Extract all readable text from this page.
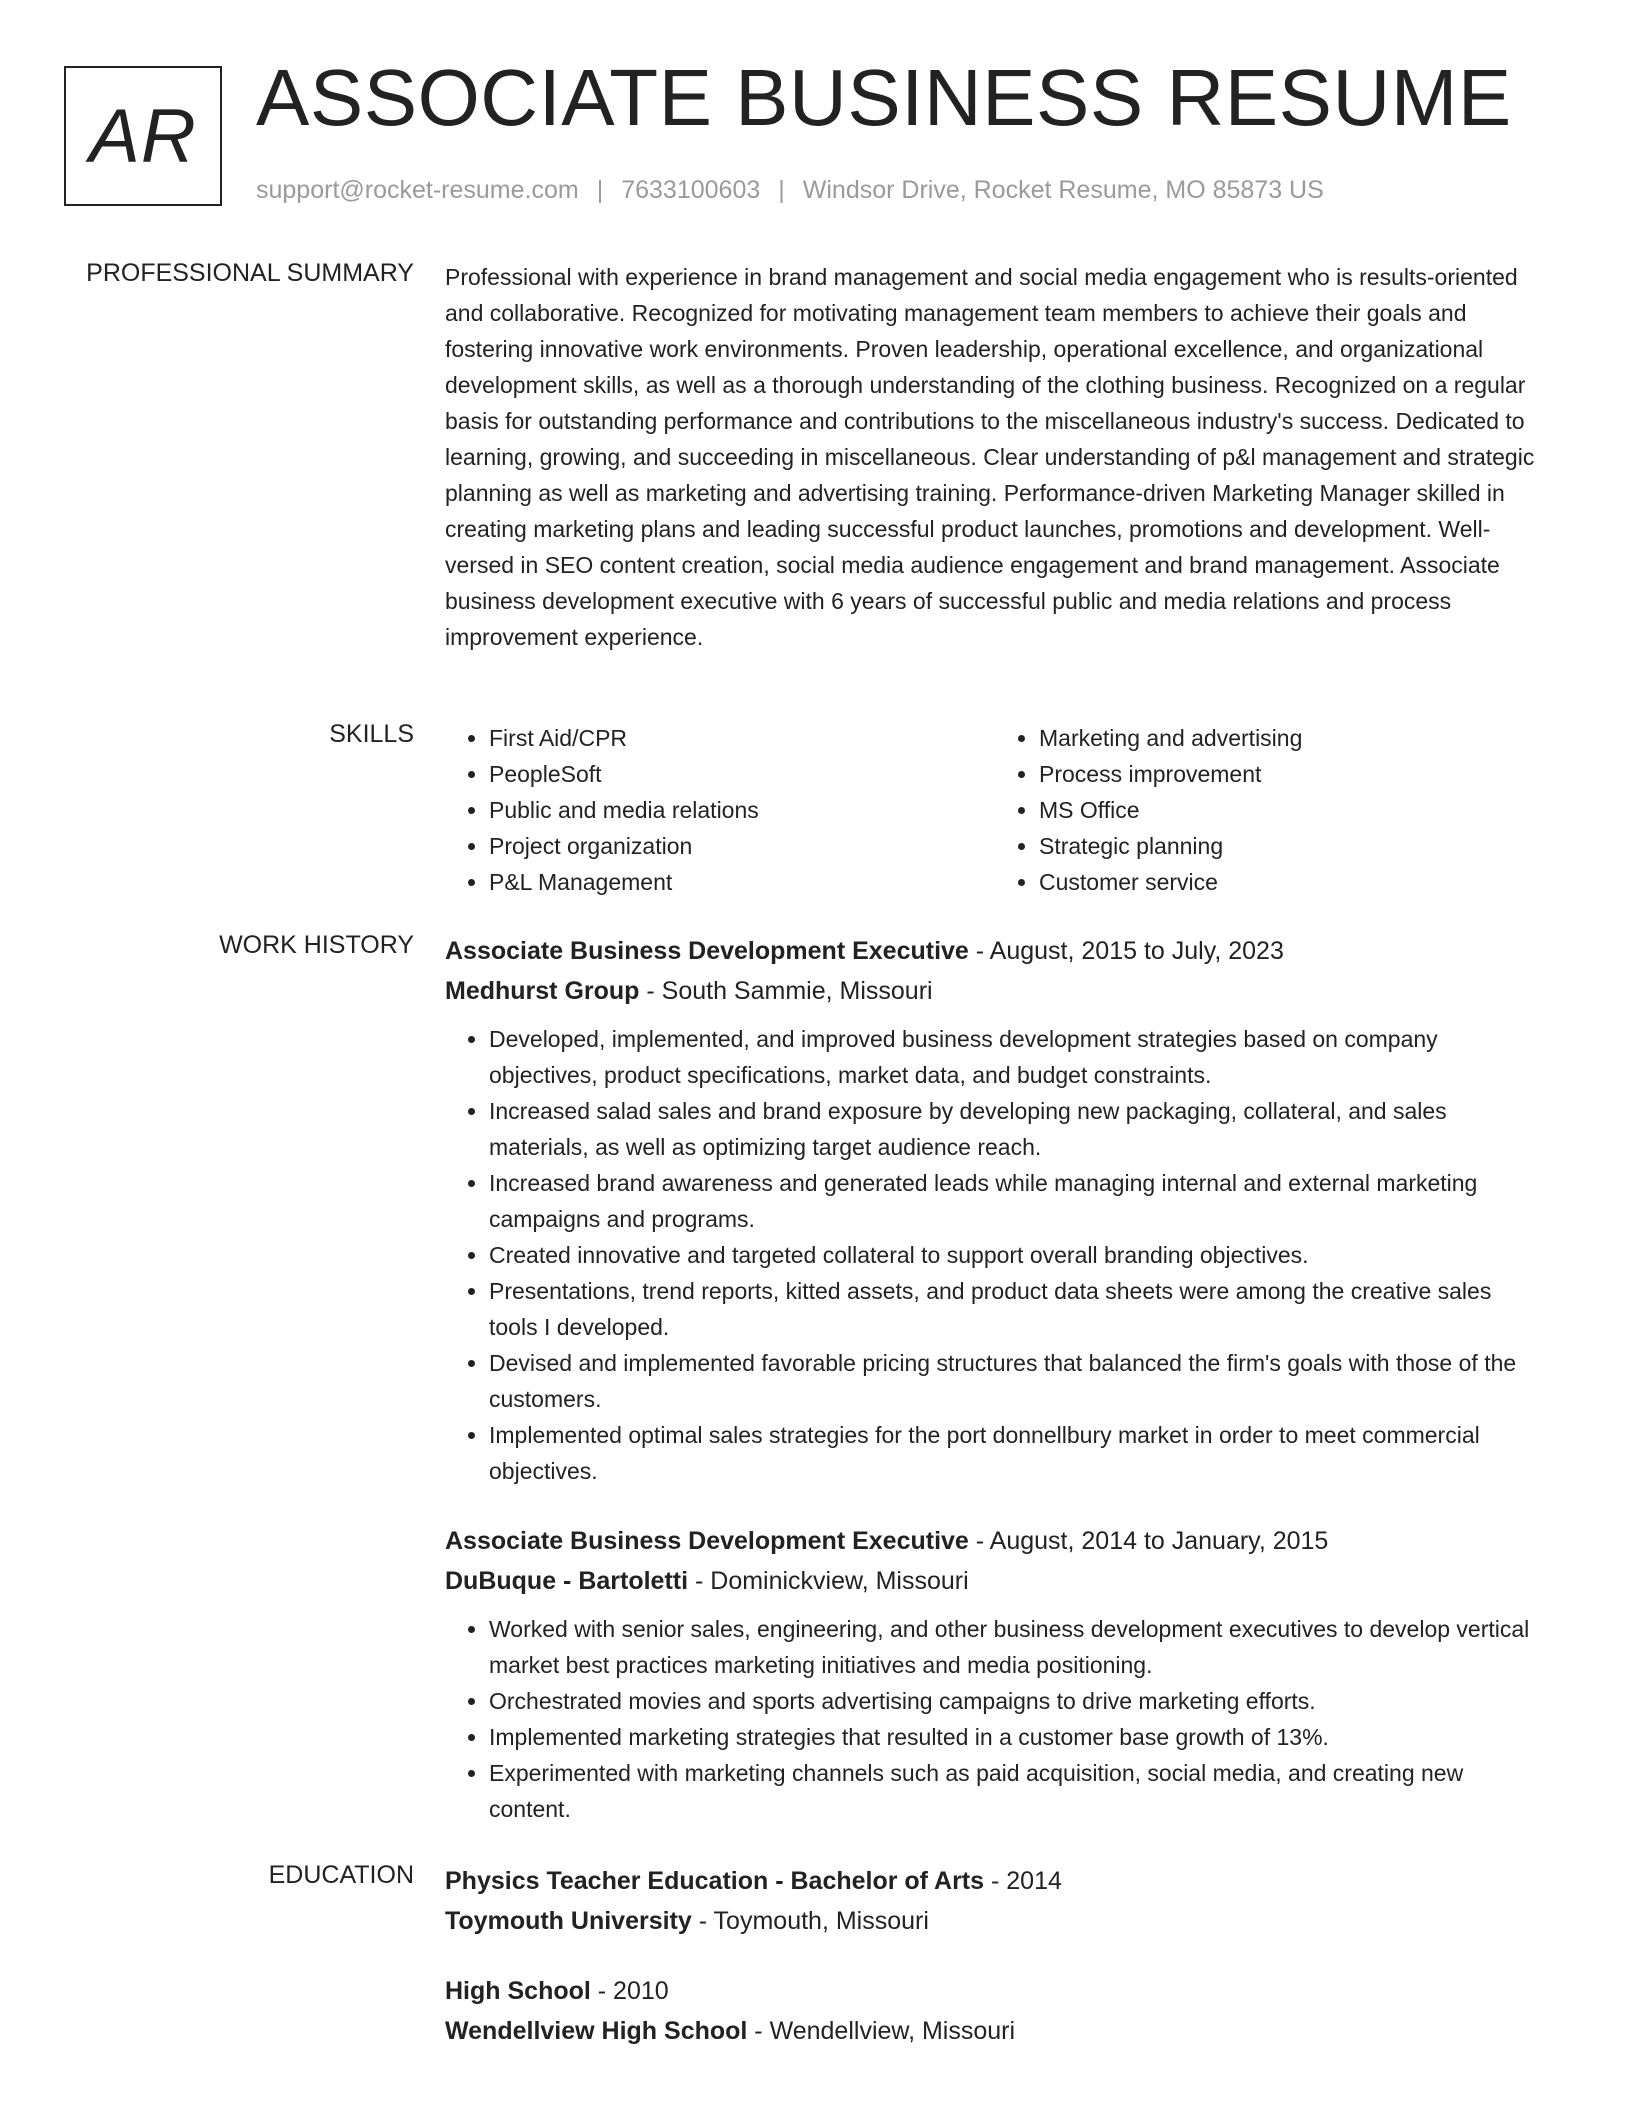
AR ASSOCIATE BUSINESS RESUME
support@rocket-resume.com | 7633100603 | Windsor Drive, Rocket Resume, MO 85873 US
PROFESSIONAL SUMMARY Professional with experience in brand management and social media engagement who is results-oriented and collaborative. Recognized for motivating management team members to achieve their goals and fostering innovative work environments. Proven leadership, operational excellence, and organizational development skills, as well as a thorough understanding of the clothing business. Recognized on a regular basis for outstanding performance and contributions to the miscellaneous industry's success. Dedicated to learning, growing, and succeeding in miscellaneous. Clear understanding of p&l management and strategic planning as well as marketing and advertising training. Performance-driven Marketing Manager skilled in creating marketing plans and leading successful product launches, promotions and development. Well-versed in SEO content creation, social media audience engagement and brand management. Associate business development executive with 6 years of successful public and media relations and process improvement experience.

SKILLS
•	First Aid/CPR
• PeopleSoft
• Public and media relations
• Project organization
• P&L Management
• Marketing and advertising
• Process improvement
• MS Office
• Strategic planning
• Customer service
WORK HISTORY Associate Business Development Executive - August, 2015 to July, 2023
Medhurst Group - South Sammie, Missouri
• Developed, implemented, and improved business development strategies based on company objectives, product specifications, market data, and budget constraints.
• Increased salad sales and brand exposure by developing new packaging, collateral, and sales materials, as well as optimizing target audience reach.
• Increased brand awareness and generated leads while managing internal and external marketing campaigns and programs.
• Created innovative and targeted collateral to support overall branding objectives.
• Presentations, trend reports, kitted assets, and product data sheets were among the creative sales tools I developed.
• Devised and implemented favorable pricing structures that balanced the firm's goals with those of the customers.
• Implemented optimal sales strategies for the port donnellbury market in order to meet commercial objectives.
Associate Business Development Executive - August, 2014 to January, 2015
DuBuque - Bartoletti - Dominickview, Missouri
• Worked with senior sales, engineering, and other business development executives to develop vertical market best practices marketing initiatives and media positioning.
• Orchestrated movies and sports advertising campaigns to drive marketing efforts.
• Implemented marketing strategies that resulted in a customer base growth of 13%.
• Experimented with marketing channels such as paid acquisition, social media, and creating new content.
EDUCATION Physics Teacher Education - Bachelor of Arts - 2014
Toymouth University - Toymouth, Missouri
High School - 2010
Wendellview High School - Wendellview, Missouri
